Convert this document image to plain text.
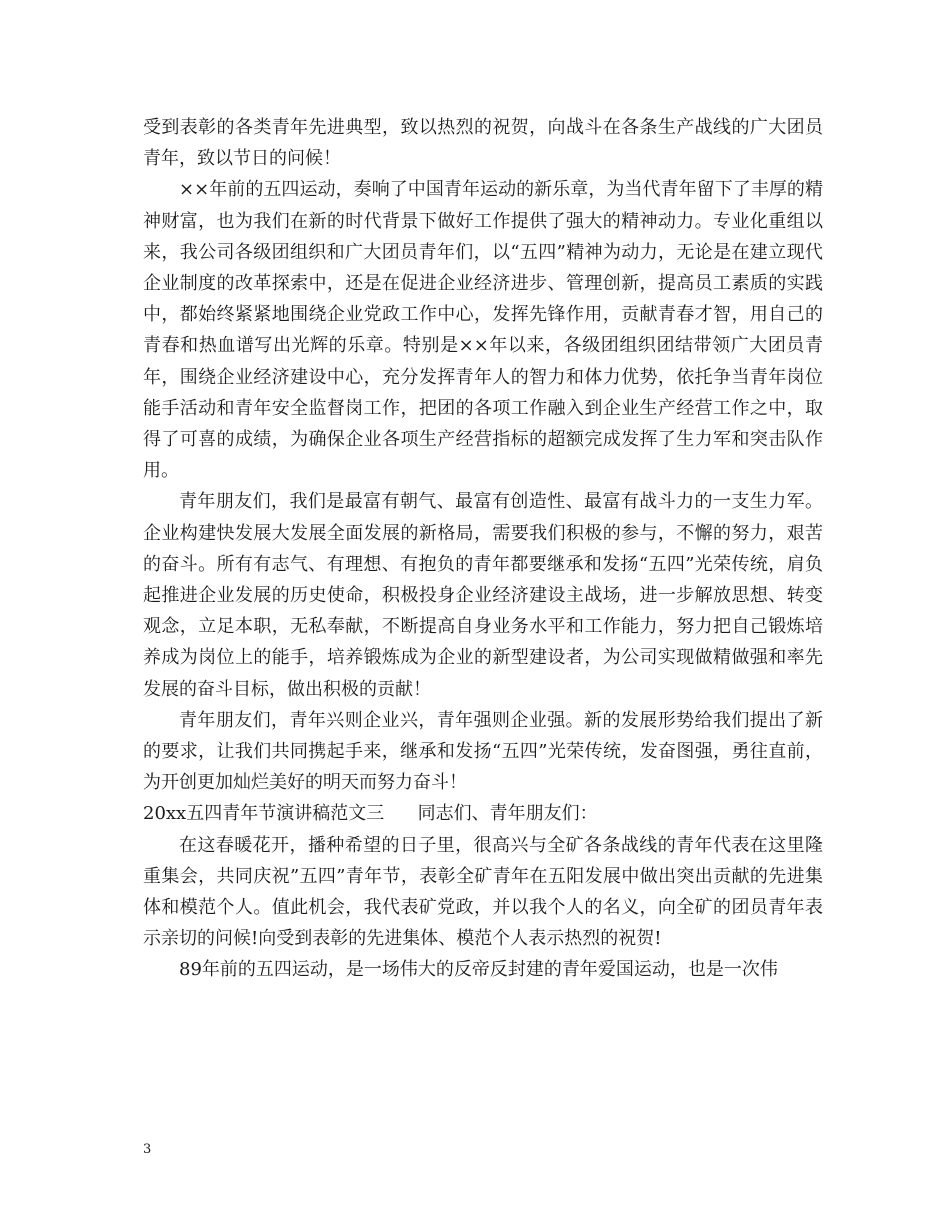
受到表彰的各类青年先进典型，致以热烈的祝贺，向战斗在各条生产战线的广大团员青年，致以节日的问候！

××年前的五四运动，奏响了中国青年运动的新乐章，为当代青年留下了丰厚的精神财富，也为我们在新的时代背景下做好工作提供了强大的精神动力。专业化重组以来，我公司各级团组织和广大团员青年们，以“五四”精神为动力，无论是在建立现代企业制度的改革探索中，还是在促进企业经济进步、管理创新，提高员工素质的实践中，都始终紧紧地围绕企业党政工作中心，发挥先锋作用，贡献青春才智，用自己的青春和热血谱写出光辉的乐章。特别是××年以来，各级团组织团结带领广大团员青年，围绕企业经济建设中心，充分发挥青年人的智力和体力优势，依托争当青年岗位能手活动和青年安全监督岗工作，把团的各项工作融入到企业生产经营工作之中，取得了可喜的成绩，为确保企业各项生产经营指标的超额完成发挥了生力军和突击队作用。

青年朋友们，我们是最富有朝气、最富有创造性、最富有战斗力的一支生力军。企业构建快发展大发展全面发展的新格局，需要我们积极的参与，不懈的努力，艰苦的奋斗。所有有志气、有理想、有抱负的青年都要继承和发扬“五四”光荣传统，肩负起推进企业发展的历史使命，积极投身企业经济建设主战场，进一步解放思想、转变观念，立足本职，无私奉献，不断提高自身业务水平和工作能力，努力把自己锻炼培养成为岗位上的能手，培养锻炼成为企业的新型建设者，为公司实现做精做强和率先发展的奋斗目标，做出积极的贡献！

青年朋友们，青年兴则企业兴，青年强则企业强。新的发展形势给我们提出了新的要求，让我们共同携起手来，继承和发扬“五四”光荣传统，发奋图强，勇往直前，为开创更加灿烂美好的明天而努力奋斗！

20xx五四青年节演讲稿范文三	同志们、青年朋友们：

在这春暖花开，播种希望的日子里，很高兴与全矿各条战线的青年代表在这里隆重集会，共同庆祝”五四”青年节，表彰全矿青年在五阳发展中做出突出贡献的先进集体和模范个人。值此机会，我代表矿党政，并以我个人的名义，向全矿的团员青年表示亲切的问候!向受到表彰的先进集体、模范个人表示热烈的祝贺!

89年前的五四运动，是一场伟大的反帝反封建的青年爱国运动，也是一次伟

3
